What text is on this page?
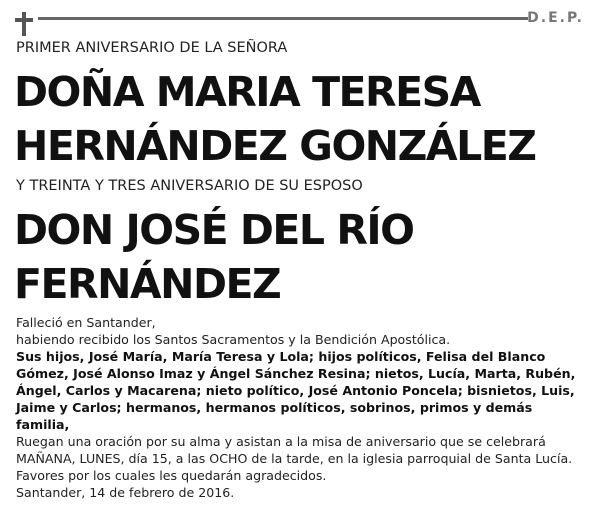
D.E.P.
PRIMER ANIVERSARIO DE LA SEÑORA
DOÑA MARIA TERESA
HERNÁNDEZ GONZÁLEZ
Y TREINTA Y TRES ANIVERSARIO DE SU ESPOSO
DON JOSÉ DEL RÍO
FERNÁNDEZ

Falleció en Santander,

habiendo recibido los Santos Sacramentos y la Bendición Apostólica.

Sus hijos, José María, María Teresa y Lola; hijos políticos, Felisa del Blanco Gómez, José Alonso Imaz y Ángel Sánchez Resina; nietos, Lucía, Marta, Rubén, Ángel, Carlos y Macarena; nieto político, José Antonio Poncela; bisnietos, Luis, Jaime y Carlos; hermanos, hermanos políticos, sobrinos, primos y demás familia,

Ruegan una oración por su alma y asistan a la misa de aniversario que se celebrará MAÑANA, LUNES, día 15, a las OCHO de la tarde, en la iglesia parroquial de Santa Lucía. Favores por los cuales les quedarán agradecidos.

Santander, 14 de febrero de 2016.
